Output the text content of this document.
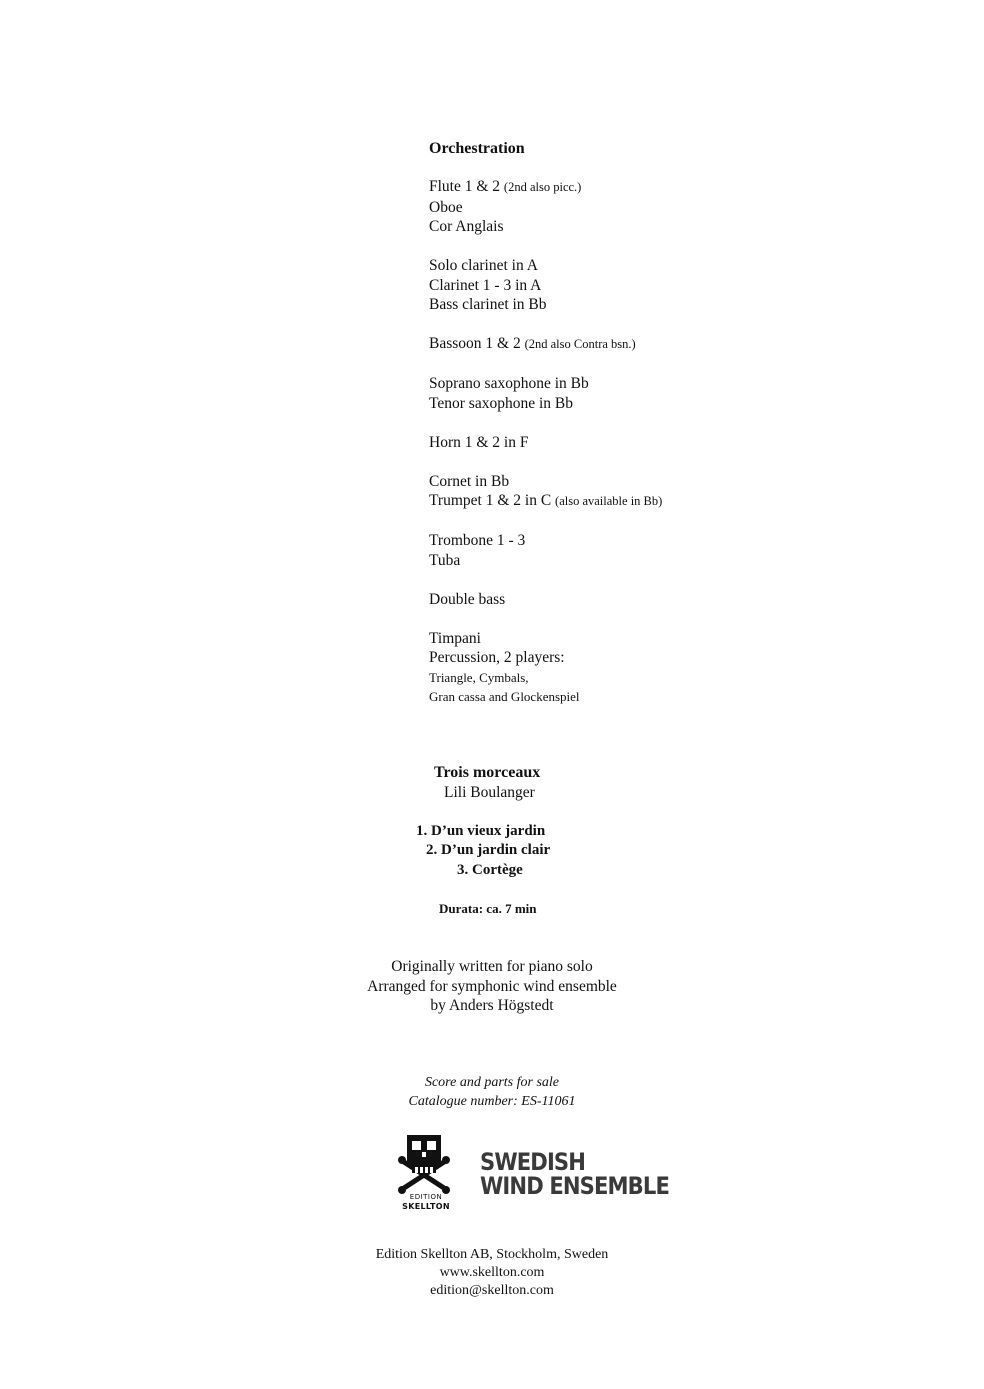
Orchestration
Flute 1 & 2 (2nd also picc.)
Oboe
Cor Anglais
Solo clarinet in A
Clarinet 1 - 3 in A
Bass clarinet in Bb
Bassoon 1 & 2 (2nd also Contra bsn.)
Soprano saxophone in Bb
Tenor saxophone in Bb
Horn 1 & 2 in F
Cornet in Bb
Trumpet 1 & 2 in C (also available in Bb)
Trombone 1 - 3
Tuba
Double bass
Timpani
Percussion, 2 players:
Triangle, Cymbals,
Gran cassa and Glockenspiel
Trois morceaux
Lili Boulanger
1. D’un vieux jardin
2. D’un jardin clair
3. Cortège
Durata: ca. 7 min
Originally written for piano solo
Arranged for symphonic wind ensemble
by Anders Högstedt
Score and parts for sale
Catalogue number: ES-11061
EDITION
SKELLTON
SWEDISH
WIND ENSEMBLE
Edition Skellton AB, Stockholm, Sweden
www.skellton.com
edition@skellton.com
